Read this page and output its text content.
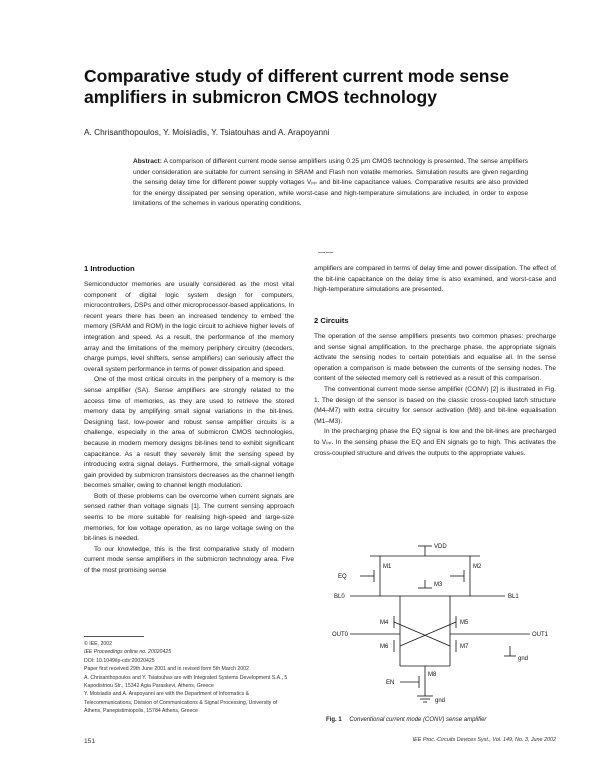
Comparative study of different current mode sense amplifiers in submicron CMOS technology
A. Chrisanthopoulos, Y. Moisiadis, Y. Tsiatouhas and A. Arapoyanni
Abstract: A comparison of different current mode sense amplifiers using 0.25 µm CMOS technology is presented. The sense amplifiers under consideration are suitable for current sensing in SRAM and Flash non volatile memories. Simulation results are given regarding the sensing delay time for different power supply voltages Vₚₚ and bit-line capacitance values. Comparative results are also provided for the energy dissipated per sensing operation, while worst-case and high-temperature simulations are included, in order to expose limitations of the schemes in various operating conditions.
——
1 Introduction

Semiconductor memories are usually considered as the most vital component of digital logic system design for computers, microcontrollers, DSPs and other microprocessor-based applications. In recent years there has been an increased tendency to embed the memory (SRAM and ROM) in the logic circuit to achieve higher levels of integration and speed. As a result, the performance of the memory array and the limitations of the memory periphery circuitry (decoders, charge pumps, level shifters, sense amplifiers) can seriously affect the overall system performance in terms of power dissipation and speed.

One of the most critical circuits in the periphery of a memory is the sense amplifier (SA). Sense amplifiers are strongly related to the access time of memories, as they are used to retrieve the stored memory data by amplifying small signal variations in the bit-lines. Designing fast, low-power and robust sense amplifier circuits is a challenge, especially in the area of submicron CMOS technologies, because in modern memory designs bit-lines tend to exhibit significant capacitance. As a result they severely limit the sensing speed by introducing extra signal delays. Furthermore, the small-signal voltage gain provided by submicron transistors decreases as the channel length becomes smaller, owing to channel length modulation.

Both of these problems can be overcome when current signals are sensed rather than voltage signals [1]. The current sensing approach seems to be more suitable for realising high-speed and large-size memories, for low voltage operation, as no large voltage swing on the bit-lines is needed.

To our knowledge, this is the first comparative study of modern current mode sense amplifiers in the submicron technology area. Five of the most promising sense

amplifiers are compared in terms of delay time and power dissipation. The effect of the bit-line capacitance on the delay time is also examined, and worst-case and high-temperature simulations are presented.

2 Circuits

The operation of the sense amplifiers presents two common phases: precharge and sense signal amplification. In the precharge phase, the appropriate signals activate the sensing nodes to certain potentials and equalise all. In the sense operation a comparison is made between the currents of the sensing nodes. The content of the selected memory cell is retrieved as a result of this comparison.

The conventional current mode sense amplifier (CONV) [2] is illustrated in Fig. 1. The design of the sensor is based on the classic cross-coupled latch structure (M4–M7) with extra circuitry for sensor activation (M8) and bit-line equalisation (M1–M3).

In the precharging phase the EQ signal is low and the bit-lines are precharged to Vₚₚ. In the sensing phase the EQ and EN signals go to high. This activates the cross-coupled structure and drives the outputs to the appropriate values.

VDD
EQ
BL0	BL1
OUT0	OUT1
EN
gnd
gnd
M1	M2
M3
M4	M5
M6	M7
M8
Fig. 1 Conventional current mode (CONV) sense amplifier
© IEE, 2002
IEE Proceedings online no. 20020425
DOI: 10.1049/ip-cds:20020425
Paper first received 29th June 2001 and in revised form 5th March 2002
A. Chrisanthopoulos and Y. Tsiatouhas are with Integrated Systems Development S.A., 5 Kapodistriou Str., 15342 Agia Paraskevi, Athens, Greece
Y. Moisiadis and A. Arapoyanni are with the Department of Informatics & Telecommunications, Division of Communications & Signal Processing, University of Athens, Panepistimiopolis, 15784 Athens, Greece
151	IEE Proc.-Circuits Devices Syst., Vol. 149, No. 3, June 2002
